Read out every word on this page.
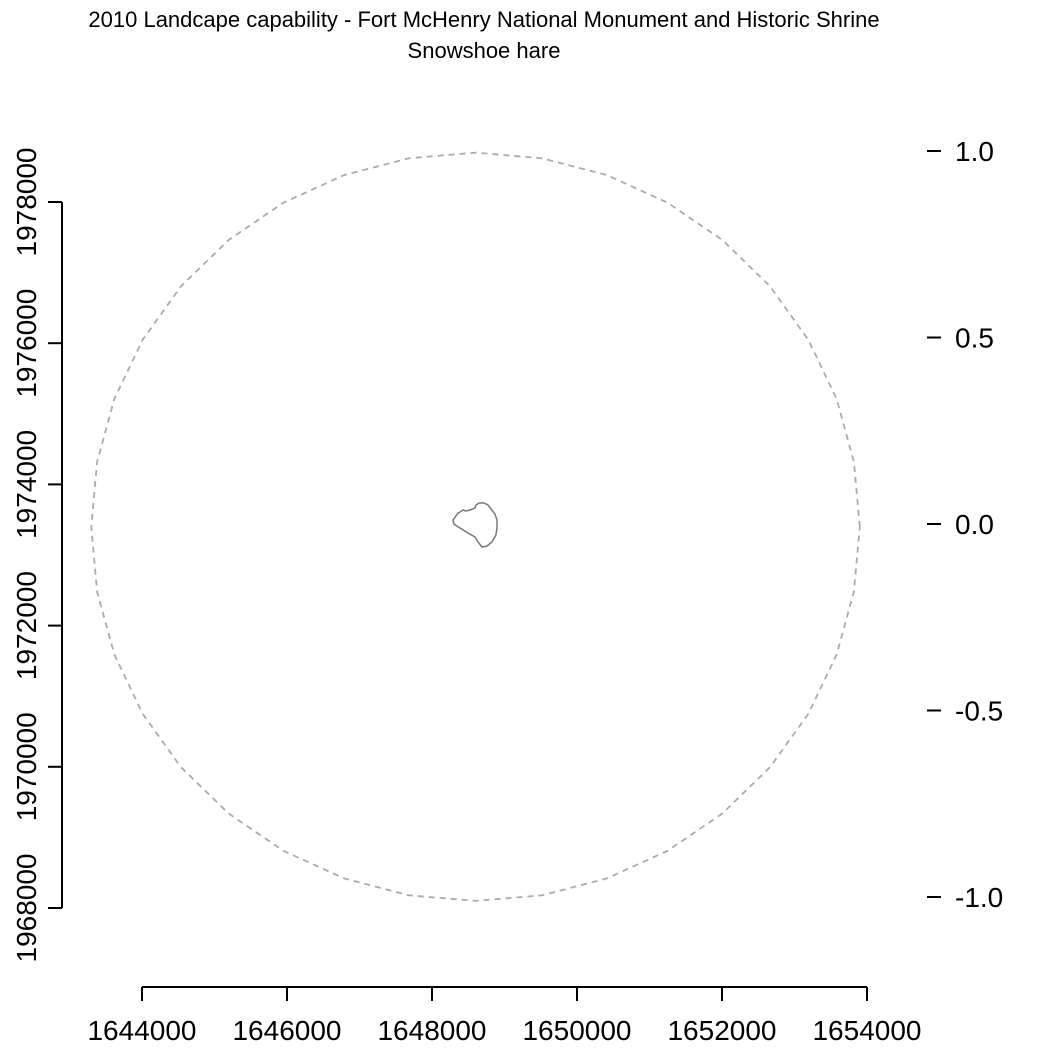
2010 Landcape capability - Fort McHenry National Monument and Historic Shrine
Snowshoe hare
1644000 1646000 1648000 1650000 1652000 1654000
1968000
1970000
1972000
1974000
1976000
1978000	1.0
0.5
0.0
-0.5
-1.0
